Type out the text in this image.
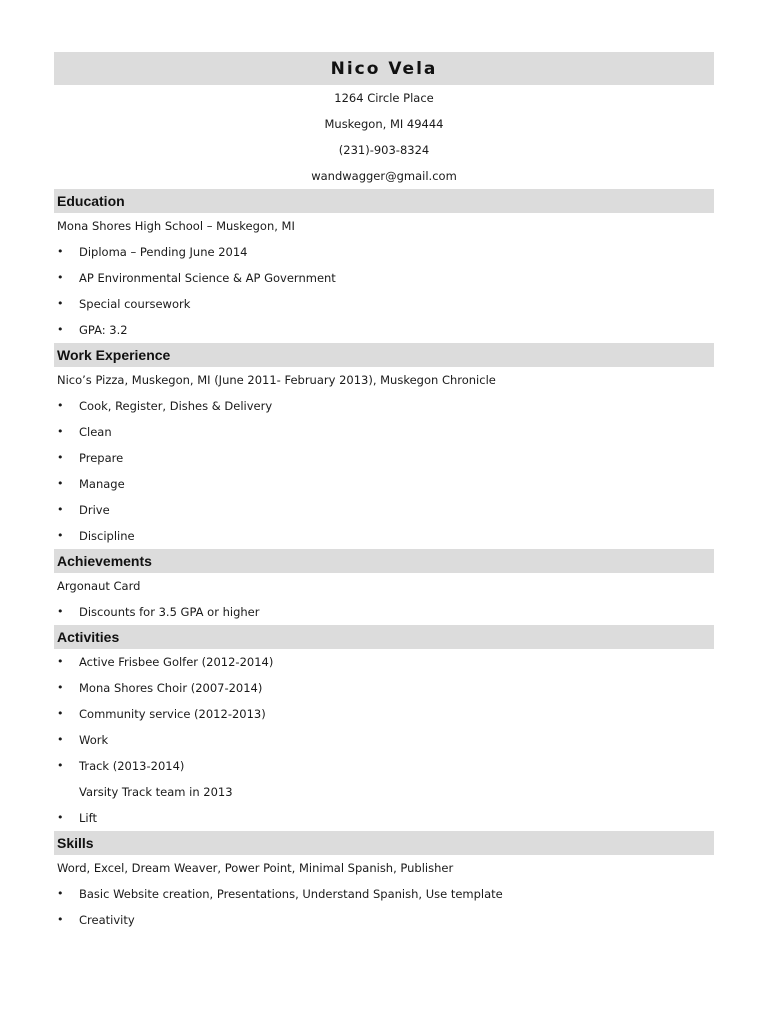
Nico Vela
1264 Circle Place
Muskegon, MI 49444
(231)-903-8324
wandwagger@gmail.com
Education
Mona Shores High School – Muskegon, MI
• Diploma – Pending June 2014
• AP Environmental Science & AP Government
• Special coursework
• GPA: 3.2
Work Experience
Nico’s Pizza, Muskegon, MI (June 2011- February 2013), Muskegon Chronicle
• Cook, Register, Dishes & Delivery
• Clean
• Prepare
• Manage
• Drive
• Discipline
Achievements
Argonaut Card
• Discounts for 3.5 GPA or higher
Activities
• Active Frisbee Golfer (2012-2014)
• Mona Shores Choir (2007-2014)
• Community service (2012-2013)
• Work
• Track (2013-2014)
Varsity Track team in 2013
• Lift
Skills
Word, Excel, Dream Weaver, Power Point, Minimal Spanish, Publisher
• Basic Website creation, Presentations, Understand Spanish, Use template
• Creativity
